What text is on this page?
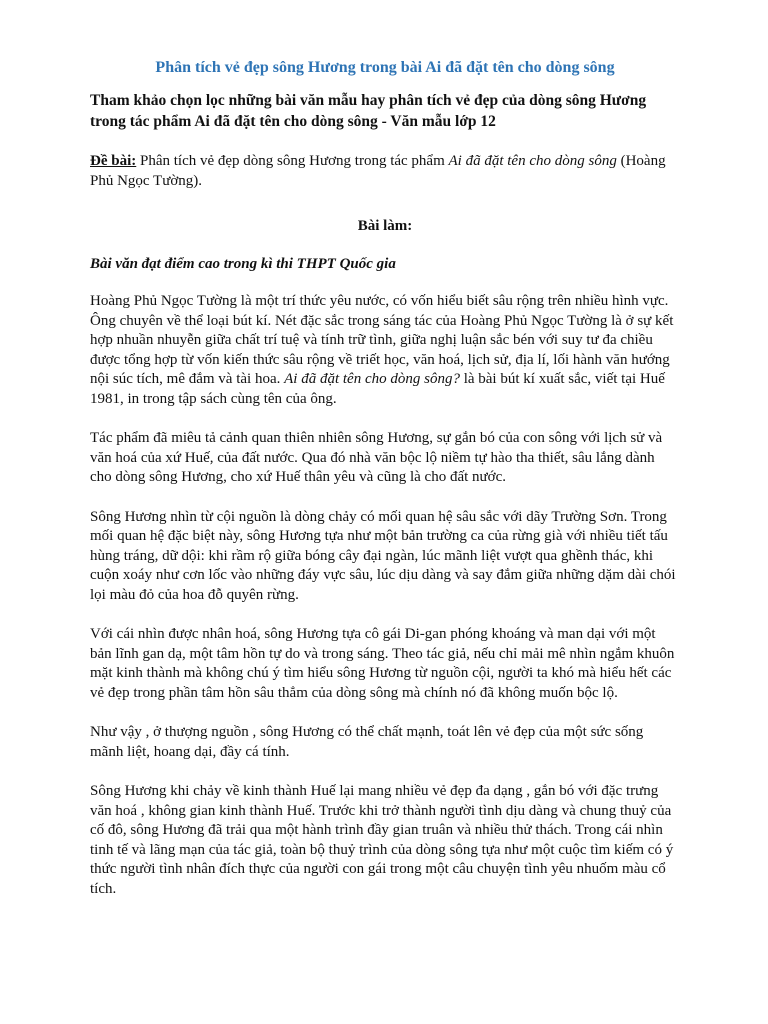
Phân tích vẻ đẹp sông Hương trong bài Ai đã đặt tên cho dòng sông

Tham khảo chọn lọc những bài văn mẫu hay phân tích vẻ đẹp của dòng sông Hương trong tác phẩm Ai đã đặt tên cho dòng sông - Văn mẫu lớp 12

Đề bài: Phân tích vẻ đẹp dòng sông Hương trong tác phẩm Ai đã đặt tên cho dòng sông (Hoàng Phủ Ngọc Tường).

Bài làm:

Bài văn đạt điểm cao trong kì thi THPT Quốc gia

Hoàng Phủ Ngọc Tường là một trí thức yêu nước, có vốn hiểu biết sâu rộng trên nhiều hình vực. Ông chuyên về thể loại bút kí. Nét đặc sắc trong sáng tác của Hoàng Phủ Ngọc Tường là ở sự kết hợp nhuần nhuyễn giữa chất trí tuệ và tính trữ tình, giữa nghị luận sắc bén với suy tư đa chiều được tổng hợp từ vốn kiến thức sâu rộng về triết học, văn hoá, lịch sử, địa lí, lối hành văn hướng nội súc tích, mê đắm và tài hoa. Ai đã đặt tên cho dòng sông? là bài bút kí xuất sắc, viết tại Huế 1981, in trong tập sách cùng tên của ông.

Tác phẩm đã miêu tả cảnh quan thiên nhiên sông Hương, sự gắn bó của con sông với lịch sử và văn hoá của xứ Huế, của đất nước. Qua đó nhà văn bộc lộ niềm tự hào tha thiết, sâu lắng dành cho dòng sông Hương, cho xứ Huế thân yêu và cũng là cho đất nước.

Sông Hương nhìn từ cội nguồn là dòng chảy có mối quan hệ sâu sắc với dãy Trường Sơn. Trong mối quan hệ đặc biệt này, sông Hương tựa như một bản trường ca của rừng già với nhiều tiết tấu hùng tráng, dữ dội: khi rầm rộ giữa bóng cây đại ngàn, lúc mãnh liệt vượt qua ghềnh thác, khi cuộn xoáy như cơn lốc vào những đáy vực sâu, lúc dịu dàng và say đắm giữa những dặm dài chói lọi màu đỏ của hoa đỗ quyên rừng.

Với cái nhìn được nhân hoá, sông Hương tựa cô gái Di-gan phóng khoáng và man dại với một bản lĩnh gan dạ, một tâm hồn tự do và trong sáng. Theo tác giả, nếu chỉ mải mê nhìn ngắm khuôn mặt kinh thành mà không chú ý tìm hiểu sông Hương từ nguồn cội, người ta khó mà hiểu hết các vẻ đẹp trong phần tâm hồn sâu thẳm của dòng sông mà chính nó đã không muốn bộc lộ.

Như vậy , ở thượng nguồn , sông Hương có thể chất mạnh, toát lên vẻ đẹp của một sức sống mãnh liệt, hoang dại, đầy cá tính.

Sông Hương khi chảy về kinh thành Huế lại mang nhiều vẻ đẹp đa dạng , gắn bó với đặc trưng văn hoá , không gian kinh thành Huế. Trước khi trở thành người tình dịu dàng và chung thuỷ của cố đô, sông Hương đã trải qua một hành trình đầy gian truân và nhiều thử thách. Trong cái nhìn tinh tế và lãng mạn của tác giả, toàn bộ thuỷ trình của dòng sông tựa như một cuộc tìm kiếm có ý thức người tình nhân đích thực của người con gái trong một câu chuyện tình yêu nhuốm màu cổ tích.
